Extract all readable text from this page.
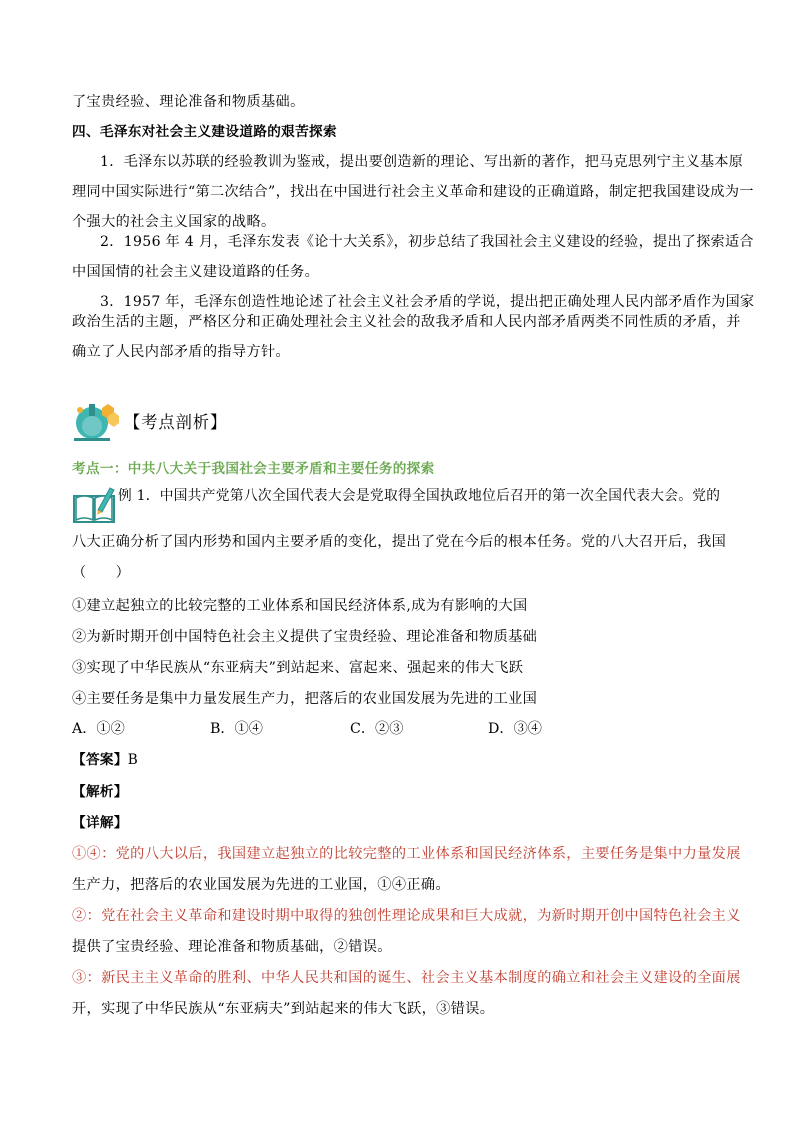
了宝贵经验、理论准备和物质基础。
四、毛泽东对社会主义建设道路的艰苦探索
1．毛泽东以苏联的经验教训为鉴戒，提出要创造新的理论、写出新的著作，把马克思列宁主义基本原
理同中国实际进行“第二次结合”，找出在中国进行社会主义革命和建设的正确道路，制定把我国建设成为一
个强大的社会主义国家的战略。
2．1956 年 4 月，毛泽东发表《论十大关系》，初步总结了我国社会主义建设的经验，提出了探索适合
中国国情的社会主义建设道路的任务。
3．1957 年，毛泽东创造性地论述了社会主义社会矛盾的学说，提出把正确处理人民内部矛盾作为国家
政治生活的主题，严格区分和正确处理社会主义社会的敌我矛盾和人民内部矛盾两类不同性质的矛盾，并
确立了人民内部矛盾的指导方针。
【考点剖析】
考点一：中共八大关于我国社会主要矛盾和主要任务的探索
例 1．中国共产党第八次全国代表大会是党取得全国执政地位后召开的第一次全国代表大会。党的
八大正确分析了国内形势和国内主要矛盾的变化，提出了党在今后的根本任务。党的八大召开后，我国
（　　）
①建立起独立的比较完整的工业体系和国民经济体系,成为有影响的大国
②为新时期开创中国特色社会主义提供了宝贵经验、理论准备和物质基础
③实现了中华民族从“东亚病夫”到站起来、富起来、强起来的伟大飞跃
④主要任务是集中力量发展生产力，把落后的农业国发展为先进的工业国
A．①②	B．①④	C．②③	D．③④
【答案】B
【解析】
【详解】
①④：党的八大以后，我国建立起独立的比较完整的工业体系和国民经济体系，主要任务是集中力量发展
生产力，把落后的农业国发展为先进的工业国，①④正确。
②：党在社会主义革命和建设时期中取得的独创性理论成果和巨大成就，为新时期开创中国特色社会主义
提供了宝贵经验、理论准备和物质基础，②错误。
③：新民主主义革命的胜利、中华人民共和国的诞生、社会主义基本制度的确立和社会主义建设的全面展
开，实现了中华民族从“东亚病夫”到站起来的伟大飞跃，③错误。
